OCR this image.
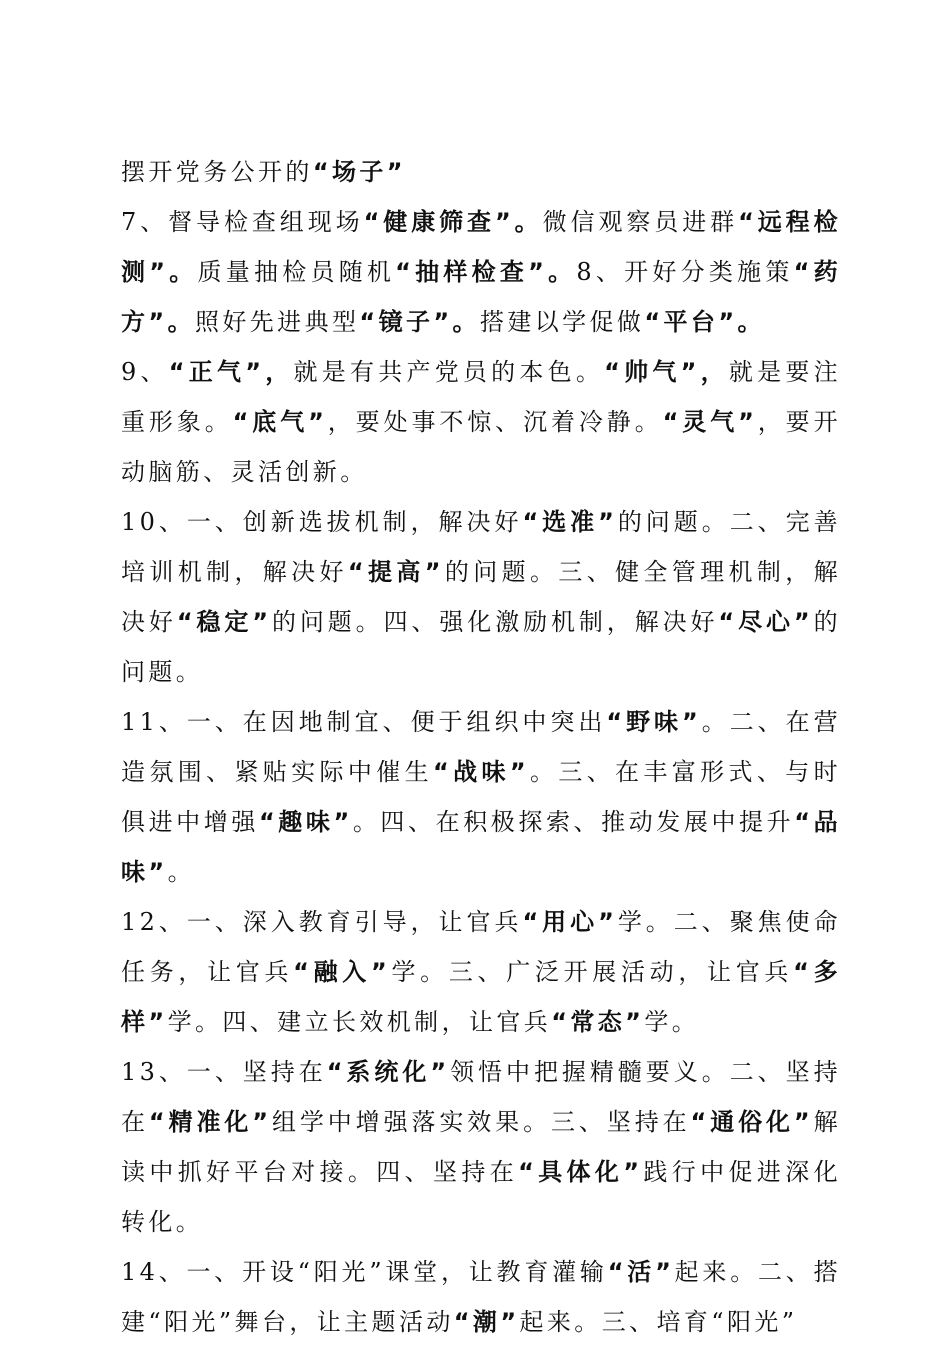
摆开党务公开的“场子”

7、督导检查组现场“健康筛查”。微信观察员进群“远程检测”。质量抽检员随机“抽样检查”。8、开好分类施策“药方”。照好先进典型“镜子”。搭建以学促做“平台”。

9、“正气”，就是有共产党员的本色。“帅气”，就是要注重形象。“底气”，要处事不惊、沉着冷静。“灵气”，要开动脑筋、灵活创新。

10、一、创新选拔机制，解决好“选准”的问题。二、完善培训机制，解决好“提高”的问题。三、健全管理机制，解决好“稳定”的问题。四、强化激励机制，解决好“尽心”的问题。

11、一、在因地制宜、便于组织中突出“野味”。二、在营造氛围、紧贴实际中催生“战味”。三、在丰富形式、与时俱进中增强“趣味”。四、在积极探索、推动发展中提升“品味”。

12、一、深入教育引导，让官兵“用心”学。二、聚焦使命任务，让官兵“融入”学。三、广泛开展活动，让官兵“多样”学。四、建立长效机制，让官兵“常态”学。

13、一、坚持在“系统化”领悟中把握精髓要义。二、坚持在“精准化”组学中增强落实效果。三、坚持在“通俗化”解读中抓好平台对接。四、坚持在“具体化”践行中促进深化转化。

14、一、开设“阳光”课堂，让教育灌输“活”起来。二、搭建“阳光”舞台，让主题活动“潮”起来。三、培育“阳光”
